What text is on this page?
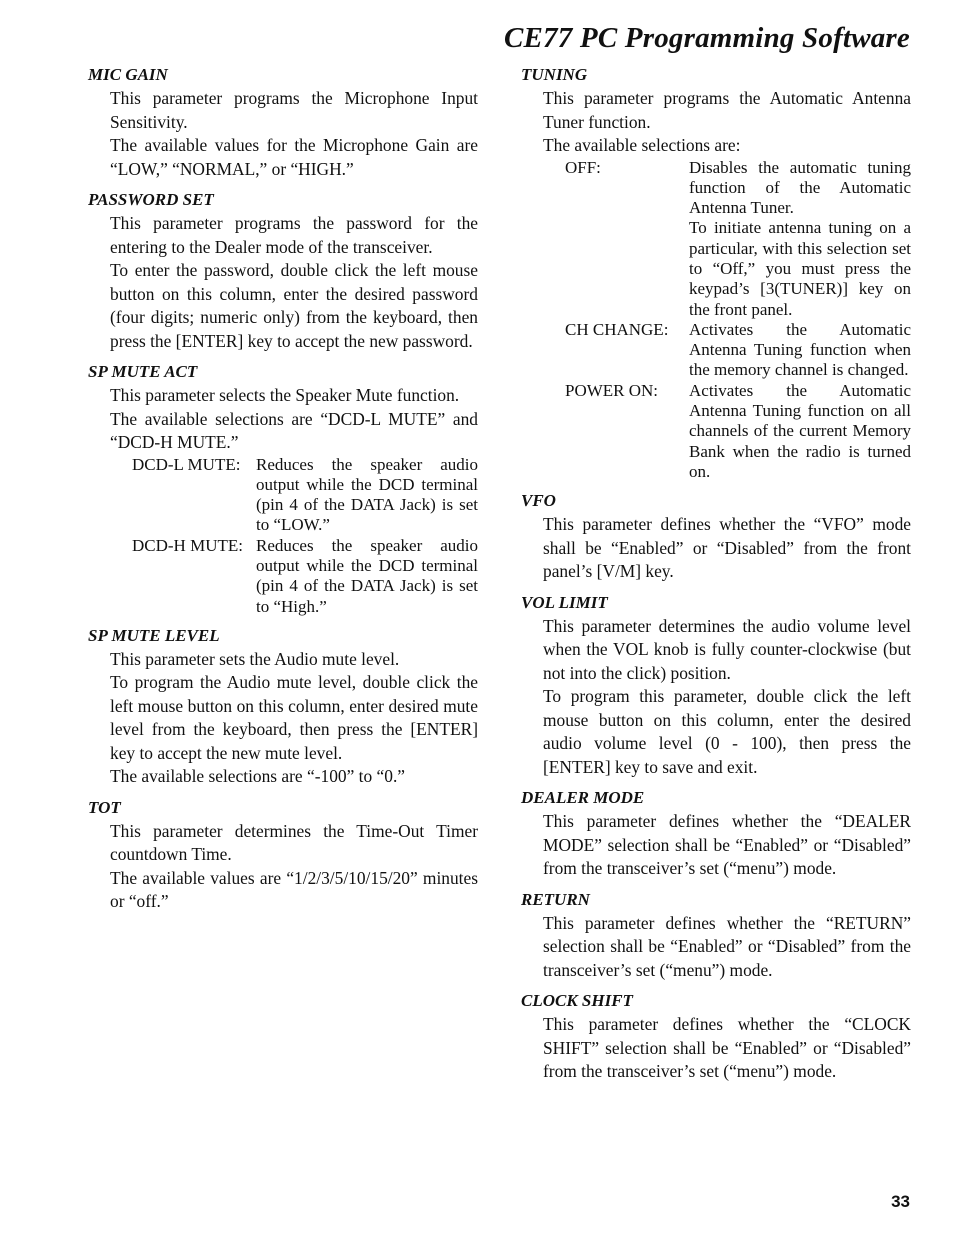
CE77 PC Programming Software
MIC GAIN

This parameter programs the Microphone Input Sensitivity.

The available values for the Microphone Gain are “LOW,” “NORMAL,” or “HIGH.”

PASSWORD SET

This parameter programs the password for the entering to the Dealer mode of the transceiver.

To enter the password, double click the left mouse button on this column, enter the desired password (four digits; numeric only) from the keyboard, then press the [ENTER] key to accept the new password.

SP MUTE ACT

This parameter selects the Speaker Mute function.

The available selections are “DCD-L MUTE” and “DCD-H MUTE.”

DCD-L MUTE: Reduces the speaker audio output while the DCD terminal (pin 4 of the DATA Jack) is set to “LOW.”
DCD-H MUTE: Reduces the speaker audio output while the DCD terminal (pin 4 of the DATA Jack) is set to “High.”
SP MUTE LEVEL

This parameter sets the Audio mute level.

To program the Audio mute level, double click the left mouse button on this column, enter desired mute level from the keyboard, then press the [ENTER] key to accept the new mute level.

The available selections are “-100” to “0.”

TOT

This parameter determines the Time-Out Timer countdown Time.

The available values are “1/2/3/5/10/15/20” minutes or “off.”

TUNING

This parameter programs the Automatic Antenna Tuner function.

The available selections are:

OFF:	Disables the automatic tuning function of the Automatic Antenna Tuner.

To initiate antenna tuning on a particular, with this selection set to “Off,” you must press the keypad’s [3(TUNER)] key on the front panel.

CH CHANGE:	Activates the Automatic Antenna Tuning function when the memory channel is changed.
POWER ON:	Activates the Automatic Antenna Tuning function on all channels of the current Memory Bank when the radio is turned on.
VFO

This parameter defines whether the “VFO” mode shall be “Enabled” or “Disabled” from the front panel’s [V/M] key.

VOL LIMIT

This parameter determines the audio volume level when the VOL knob is fully counter-clockwise (but not into the click) position.

To program this parameter, double click the left mouse button on this column, enter the desired audio volume level (0 - 100), then press the [ENTER] key to save and exit.

DEALER MODE

This parameter defines whether the “DEALER MODE” selection shall be “Enabled” or “Disabled” from the transceiver’s set (“menu”) mode.

RETURN

This parameter defines whether the “RETURN” selection shall be “Enabled” or “Disabled” from the transceiver’s set (“menu”) mode.

CLOCK SHIFT

This parameter defines whether the “CLOCK SHIFT” selection shall be “Enabled” or “Disabled” from the transceiver’s set (“menu”) mode.

33
